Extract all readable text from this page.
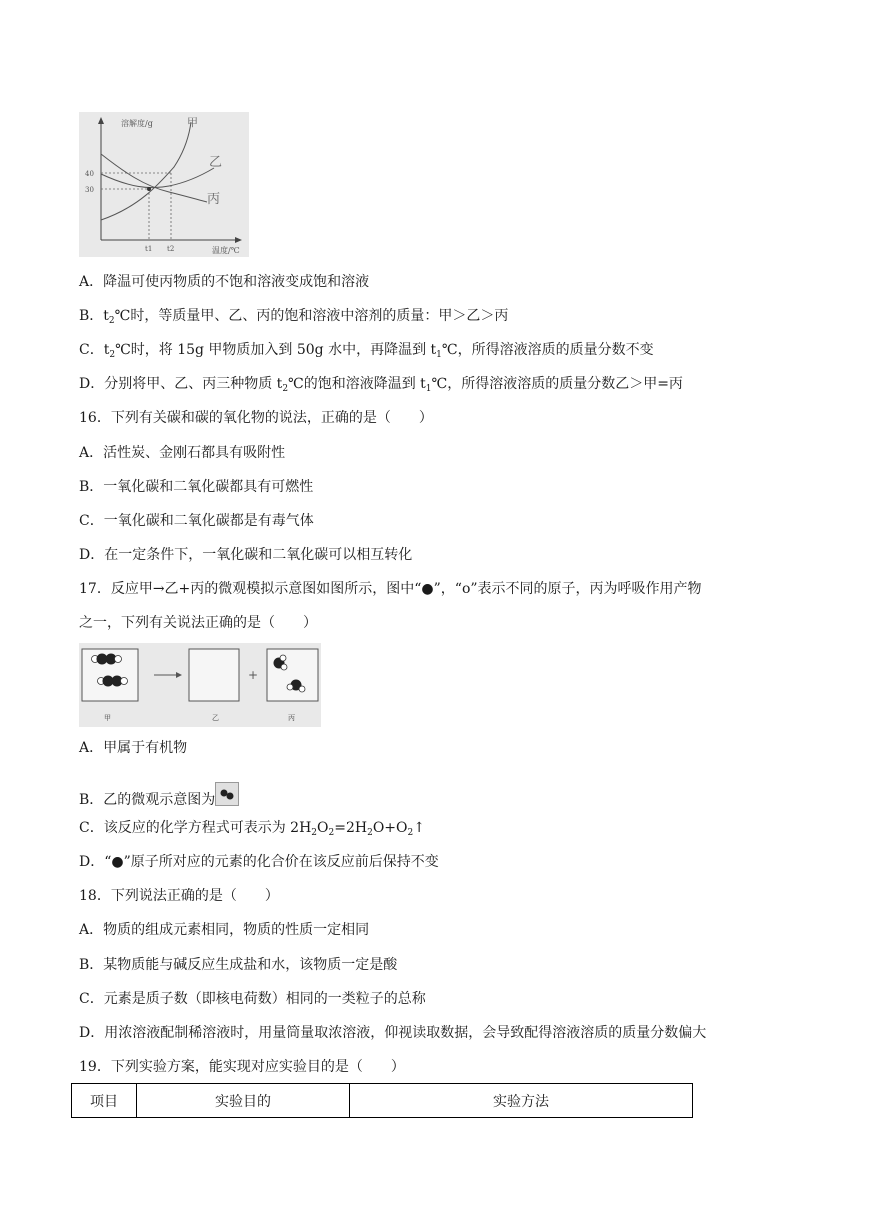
溶解度/g
温度/℃
40
30
t1 t2
甲
乙
丙
A．降温可使丙物质的不饱和溶液变成饱和溶液
B．$t_2℃$时，等质量甲、乙、丙的饱和溶液中溶剂的质量：甲＞乙＞丙
C．$t_2℃$时，将 15g 甲物质加入到 50g 水中，再降温到 $t_1℃$，所得溶液溶质的质量分数不变
D．分别将甲、乙、丙三种物质 $t_2℃$的饱和溶液降温到 $t_1℃$，所得溶液溶质的质量分数乙＞甲=丙
16．下列有关碳和碳的氧化物的说法，正确的是（　　）
A．活性炭、金刚石都具有吸附性
B．一氧化碳和二氧化碳都具有可燃性
C．一氧化碳和二氧化碳都是有毒气体
D．在一定条件下，一氧化碳和二氧化碳可以相互转化
17．反应甲→乙+丙的微观模拟示意图如图所示，图中“●”，“o”表示不同的原子，丙为呼吸作用产物
之一，下列有关说法正确的是（　　）
+
甲	乙	丙
A．甲属于有机物
B．乙的微观示意图为
C．该反应的化学方程式可表示为 $2H_2O_2=2H_2O+O_2↑$
D．“●”原子所对应的元素的化合价在该反应前后保持不变
18．下列说法正确的是（　　）
A．物质的组成元素相同，物质的性质一定相同
B．某物质能与碱反应生成盐和水，该物质一定是酸
C．元素是质子数（即核电荷数）相同的一类粒子的总称
D．用浓溶液配制稀溶液时，用量筒量取浓溶液，仰视读取数据，会导致配得溶液溶质的质量分数偏大
19．下列实验方案，能实现对应实验目的是（　　）
项目	实验目的	实验方法
